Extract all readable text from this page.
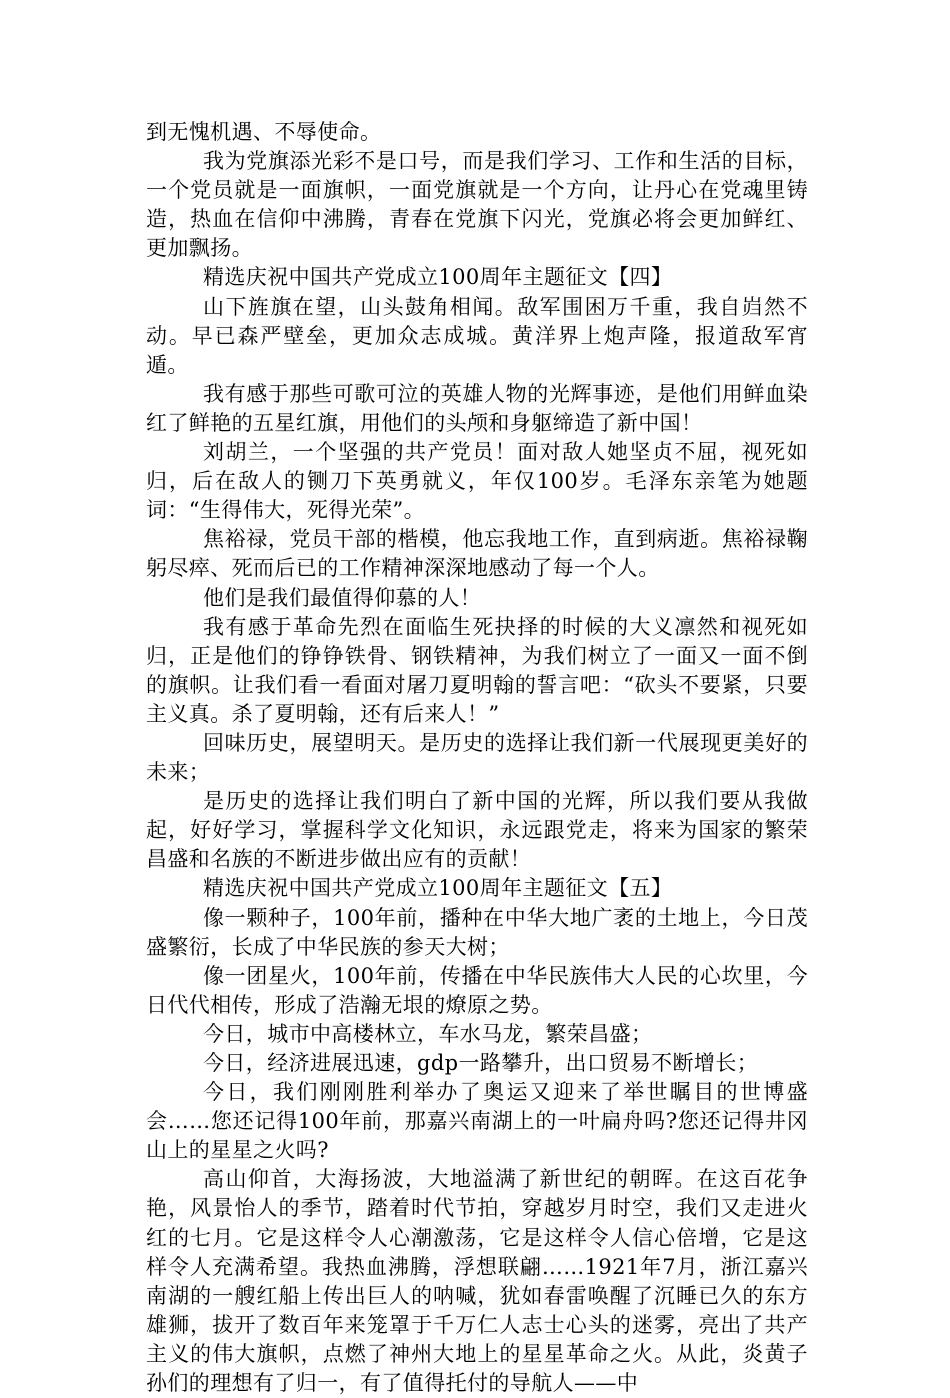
到无愧机遇、不辱使命。

我为党旗添光彩不是口号，而是我们学习、工作和生活的目标，一个党员就是一面旗帜，一面党旗就是一个方向，让丹心在党魂里铸造，热血在信仰中沸腾，青春在党旗下闪光，党旗必将会更加鲜红、更加飘扬。

精选庆祝中国共产党成立100周年主题征文【四】

山下旌旗在望，山头鼓角相闻。敌军围困万千重，我自岿然不动。早已森严壁垒，更加众志成城。黄洋界上炮声隆，报道敌军宵遁。

我有感于那些可歌可泣的英雄人物的光辉事迹，是他们用鲜血染红了鲜艳的五星红旗，用他们的头颅和身躯缔造了新中国！

刘胡兰，一个坚强的共产党员！面对敌人她坚贞不屈，视死如归，后在敌人的铡刀下英勇就义，年仅100岁。毛泽东亲笔为她题词：“生得伟大，死得光荣”。

焦裕禄，党员干部的楷模，他忘我地工作，直到病逝。焦裕禄鞠躬尽瘁、死而后已的工作精神深深地感动了每一个人。

他们是我们最值得仰慕的人！

我有感于革命先烈在面临生死抉择的时候的大义凛然和视死如归，正是他们的铮铮铁骨、钢铁精神，为我们树立了一面又一面不倒的旗帜。让我们看一看面对屠刀夏明翰的誓言吧：“砍头不要紧，只要主义真。杀了夏明翰，还有后来人！”

回味历史，展望明天。是历史的选择让我们新一代展现更美好的未来；

是历史的选择让我们明白了新中国的光辉，所以我们要从我做起，好好学习，掌握科学文化知识，永远跟党走，将来为国家的繁荣昌盛和名族的不断进步做出应有的贡献！

精选庆祝中国共产党成立100周年主题征文【五】

像一颗种子，100年前，播种在中华大地广袤的土地上，今日茂盛繁衍，长成了中华民族的参天大树；

像一团星火，100年前，传播在中华民族伟大人民的心坎里，今日代代相传，形成了浩瀚无垠的燎原之势。

今日，城市中高楼林立，车水马龙，繁荣昌盛；

今日，经济进展迅速，gdp一路攀升，出口贸易不断增长；

今日，我们刚刚胜利举办了奥运又迎来了举世瞩目的世博盛会……您还记得100年前，那嘉兴南湖上的一叶扁舟吗?您还记得井冈山上的星星之火吗?

高山仰首，大海扬波，大地溢满了新世纪的朝晖。在这百花争艳，风景怡人的季节，踏着时代节拍，穿越岁月时空，我们又走进火红的七月。它是这样令人心潮激荡，它是这样令人信心倍增，它是这样令人充满希望。我热血沸腾，浮想联翩……1921年7月，浙江嘉兴南湖的一艘红船上传出巨人的呐喊，犹如春雷唤醒了沉睡已久的东方雄狮，拔开了数百年来笼罩于千万仁人志士心头的迷雾，亮出了共产主义的伟大旗帜，点燃了神州大地上的星星革命之火。从此，炎黄子孙们的理想有了归一，有了值得托付的导航人——中
